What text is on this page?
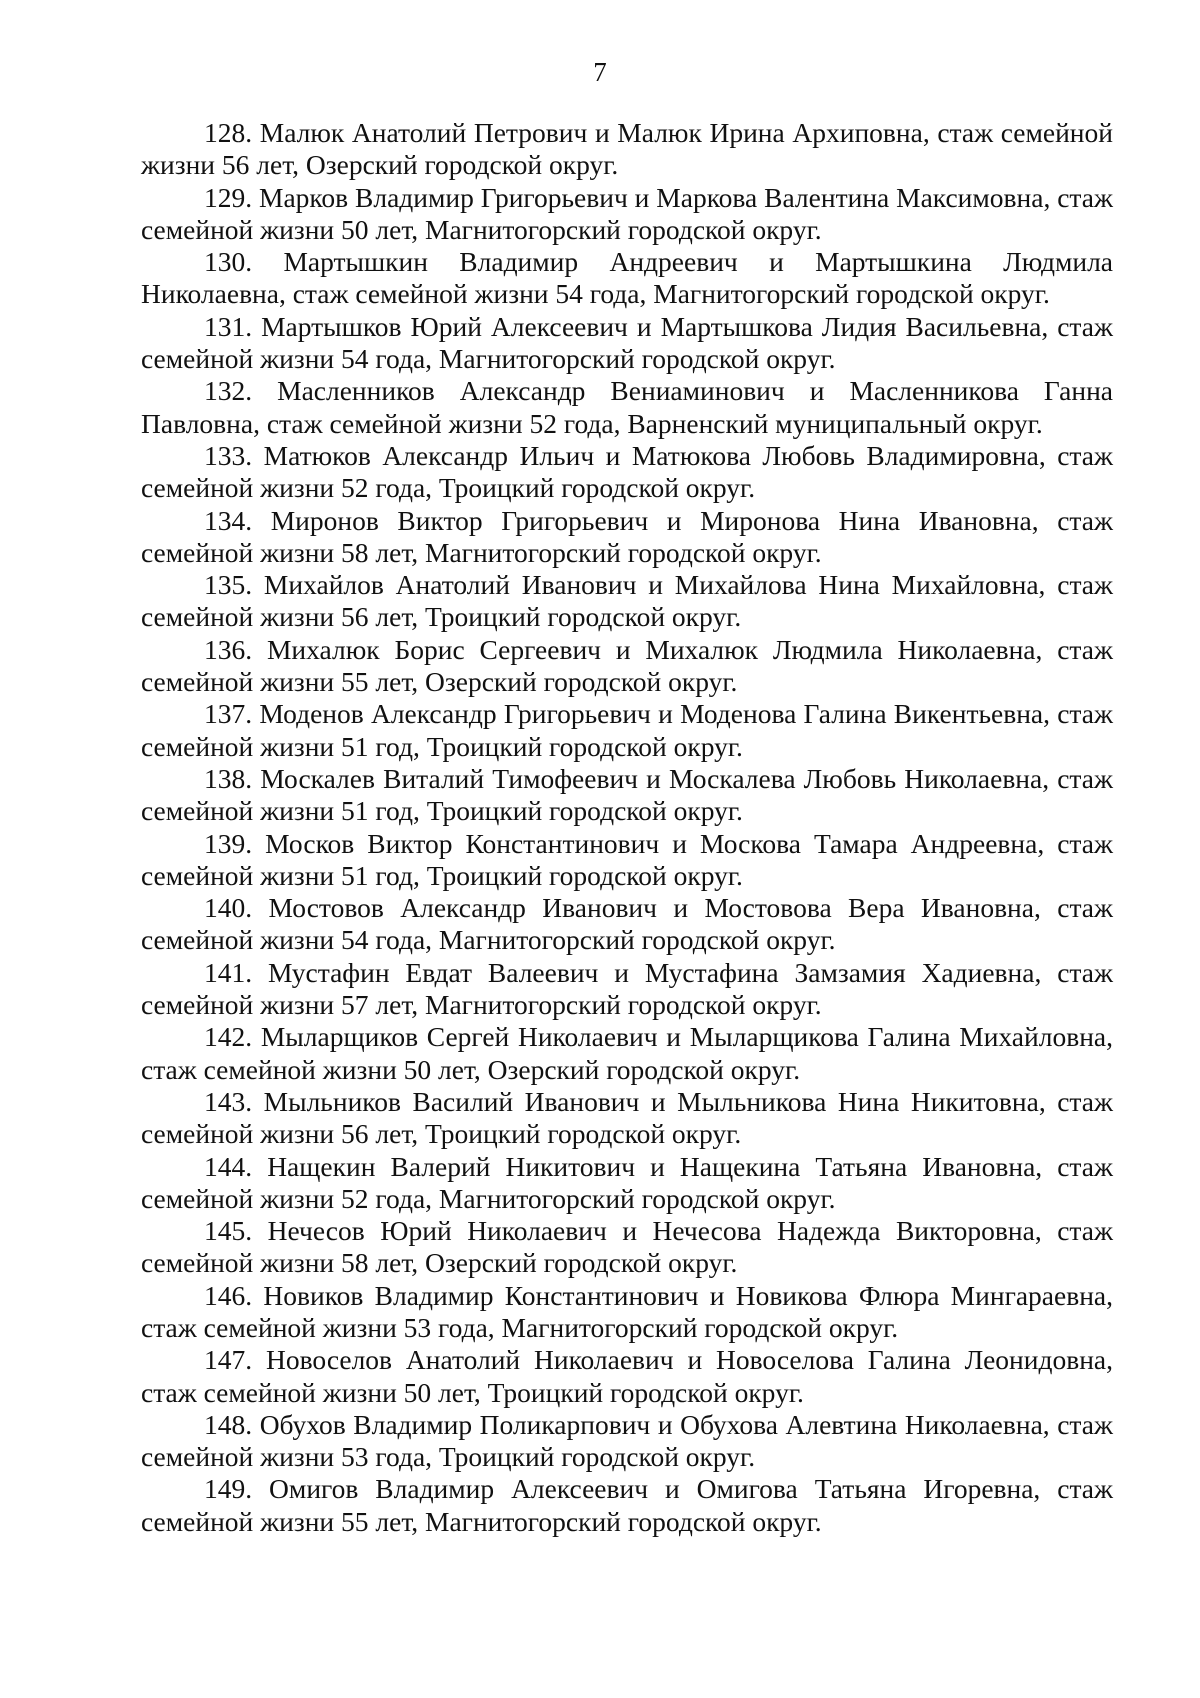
7

128. Малюк Анатолий Петрович и Малюк Ирина Архиповна, стаж семейной жизни 56 лет, Озерский городской округ.

129. Марков Владимир Григорьевич и Маркова Валентина Максимовна, стаж семейной жизни 50 лет, Магнитогорский городской округ.

130. Мартышкин Владимир Андреевич и Мартышкина Людмила Николаевна, стаж семейной жизни 54 года, Магнитогорский городской округ.

131. Мартышков Юрий Алексеевич и Мартышкова Лидия Васильевна, стаж семейной жизни 54 года, Магнитогорский городской округ.

132. Масленников Александр Вениаминович и Масленникова Ганна Павловна, стаж семейной жизни 52 года, Варненский муниципальный округ.

133. Матюков Александр Ильич и Матюкова Любовь Владимировна, стаж семейной жизни 52 года, Троицкий городской округ.

134. Миронов Виктор Григорьевич и Миронова Нина Ивановна, стаж семейной жизни 58 лет, Магнитогорский городской округ.

135. Михайлов Анатолий Иванович и Михайлова Нина Михайловна, стаж семейной жизни 56 лет, Троицкий городской округ.

136. Михалюк Борис Сергеевич и Михалюк Людмила Николаевна, стаж семейной жизни 55 лет, Озерский городской округ.

137. Моденов Александр Григорьевич и Моденова Галина Викентьевна, стаж семейной жизни 51 год, Троицкий городской округ.

138. Москалев Виталий Тимофеевич и Москалева Любовь Николаевна, стаж семейной жизни 51 год, Троицкий городской округ.

139. Москов Виктор Константинович и Москова Тамара Андреевна, стаж семейной жизни 51 год, Троицкий городской округ.

140. Мостовов Александр Иванович и Мостовова Вера Ивановна, стаж семейной жизни 54 года, Магнитогорский городской округ.

141. Мустафин Евдат Валеевич и Мустафина Замзамия Хадиевна, стаж семейной жизни 57 лет, Магнитогорский городской округ.

142. Мыларщиков Сергей Николаевич и Мыларщикова Галина Михайловна, стаж семейной жизни 50 лет, Озерский городской округ.

143. Мыльников Василий Иванович и Мыльникова Нина Никитовна, стаж семейной жизни 56 лет, Троицкий городской округ.

144. Нащекин Валерий Никитович и Нащекина Татьяна Ивановна, стаж семейной жизни 52 года, Магнитогорский городской округ.

145. Нечесов Юрий Николаевич и Нечесова Надежда Викторовна, стаж семейной жизни 58 лет, Озерский городской округ.

146. Новиков Владимир Константинович и Новикова Флюра Мингараевна, стаж семейной жизни 53 года, Магнитогорский городской округ.

147. Новоселов Анатолий Николаевич и Новоселова Галина Леонидовна, стаж семейной жизни 50 лет, Троицкий городской округ.

148. Обухов Владимир Поликарпович и Обухова Алевтина Николаевна, стаж семейной жизни 53 года, Троицкий городской округ.

149. Омигов Владимир Алексеевич и Омигова Татьяна Игоревна, стаж семейной жизни 55 лет, Магнитогорский городской округ.
